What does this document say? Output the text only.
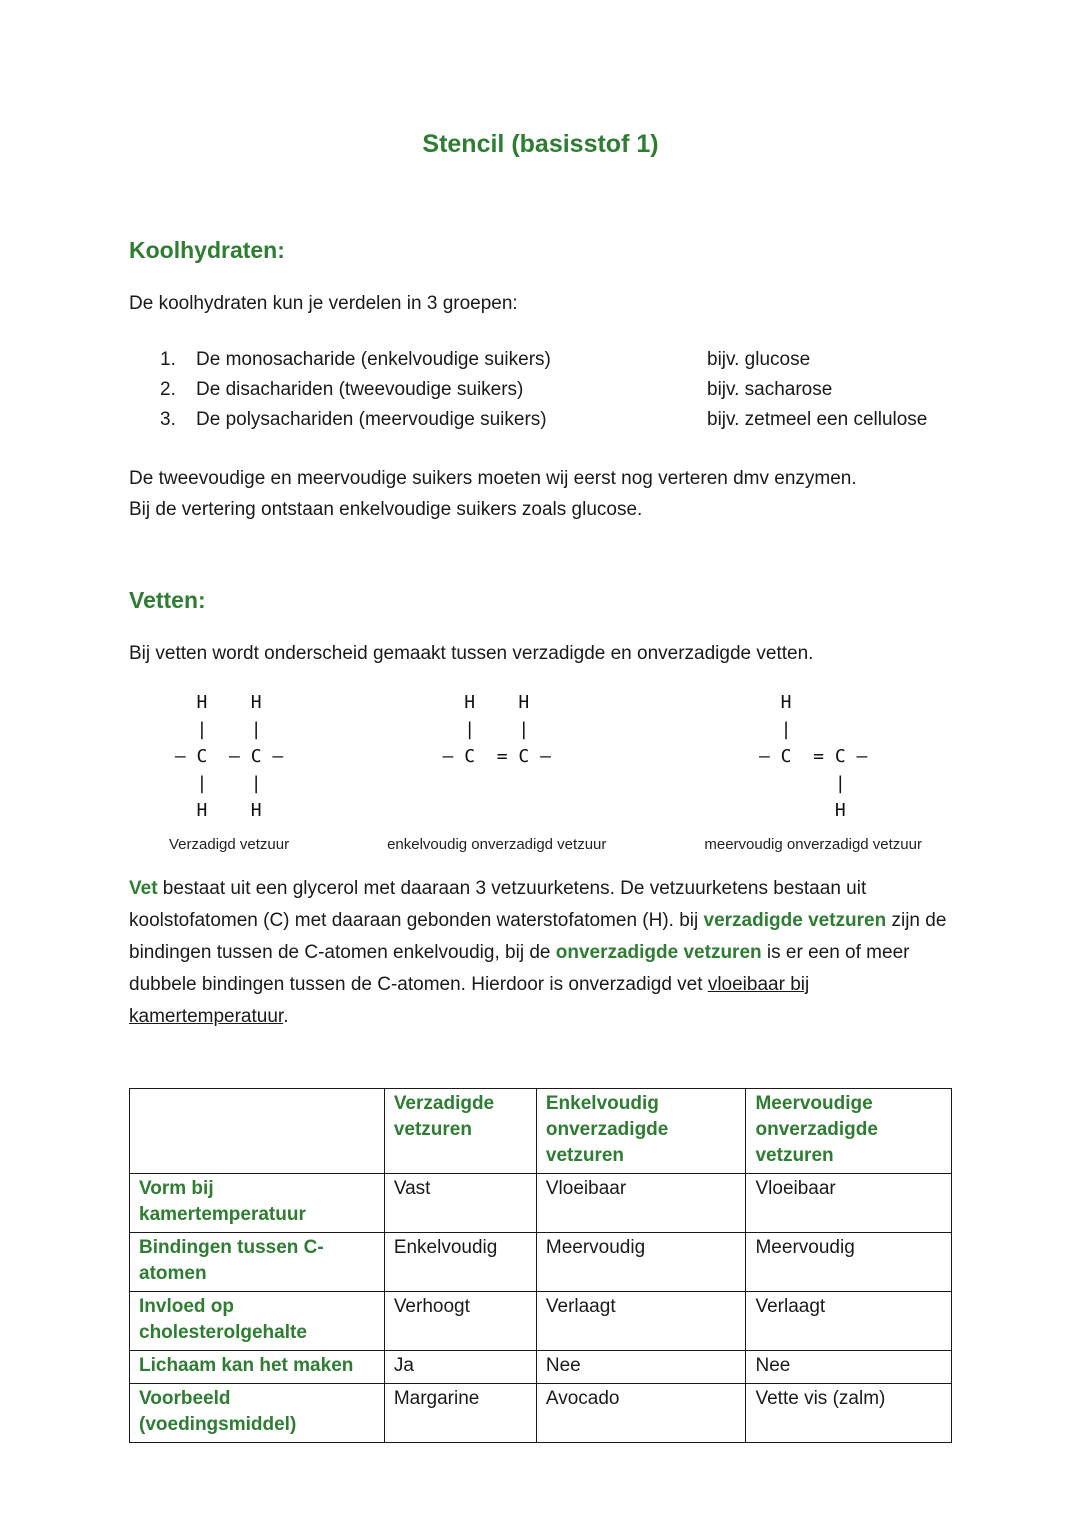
Stencil (basisstof 1)
Koolhydraten:

De koolhydraten kun je verdelen in 3 groepen:

1.	De monosacharide (enkelvoudige suikers)	bijv. glucose
2.	De disachariden (tweevoudige suikers)	bijv. sacharose
3.	De polysachariden (meervoudige suikers)	bijv. zetmeel een cellulose
De tweevoudige en meervoudige suikers moeten wij eerst nog verteren dmv enzymen.
Bij de vertering ontstaan enkelvoudige suikers zoals glucose.
Vetten:

Bij vetten wordt onderscheid gemaakt tussen verzadigde en onverzadigde vetten.

H    H
|    |
— C  — C —
|    |
H    H
Verzadigd vetzuur
H    H
|    |
— C  = C —

enkelvoudig onverzadigd vetzuur
H
|
— C  = C —
|
H
meervoudig onverzadigd vetzuur

Vet bestaat uit een glycerol met daaraan 3 vetzuurketens. De vetzuurketens bestaan uit koolstofatomen (C) met daaraan gebonden waterstofatomen (H). bij verzadigde vetzuren zijn de bindingen tussen de C-atomen enkelvoudig, bij de onverzadigde vetzuren is er een of meer dubbele bindingen tussen de C-atomen. Hierdoor is onverzadigd vet vloeibaar bij kamertemperatuur.

	Verzadigde vetzuren	Enkelvoudig onverzadigde vetzuren	Meervoudige onverzadigde vetzuren
Vorm bij kamertemperatuur	Vast	Vloeibaar	Vloeibaar
Bindingen tussen C-atomen	Enkelvoudig	Meervoudig	Meervoudig
Invloed op cholesterolgehalte	Verhoogt	Verlaagt	Verlaagt
Lichaam kan het maken	Ja	Nee	Nee
Voorbeeld (voedingsmiddel)	Margarine	Avocado	Vette vis (zalm)
